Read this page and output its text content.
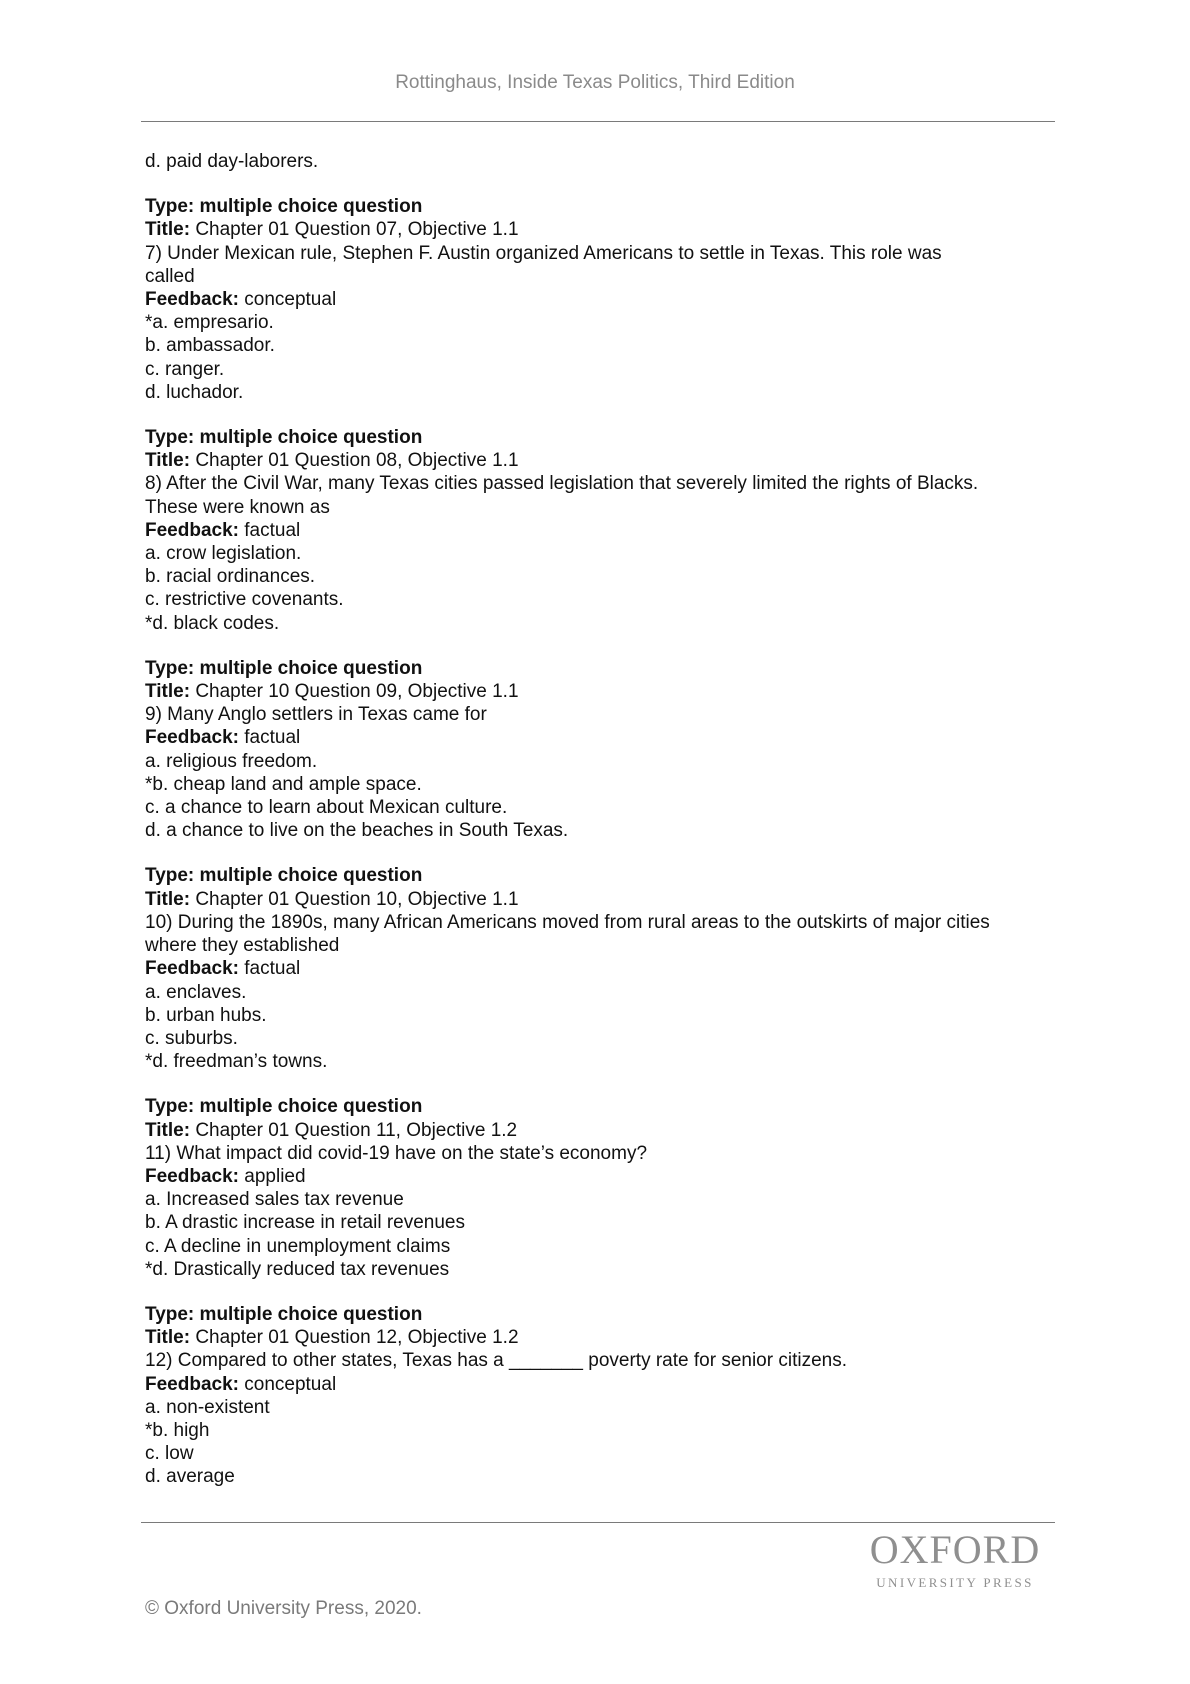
Rottinghaus, Inside Texas Politics, Third Edition
d. paid day-laborers.
Type: multiple choice question
Title: Chapter 01 Question 07, Objective 1.1
7) Under Mexican rule, Stephen F. Austin organized Americans to settle in Texas. This role was
called
Feedback: conceptual
*a. empresario.
b. ambassador.
c. ranger.
d. luchador.
Type: multiple choice question
Title: Chapter 01 Question 08, Objective 1.1
8) After the Civil War, many Texas cities passed legislation that severely limited the rights of Blacks.
These were known as
Feedback: factual
a. crow legislation.
b. racial ordinances.
c. restrictive covenants.
*d. black codes.
Type: multiple choice question
Title: Chapter 10 Question 09, Objective 1.1
9) Many Anglo settlers in Texas came for
Feedback: factual
a. religious freedom.
*b. cheap land and ample space.
c. a chance to learn about Mexican culture.
d. a chance to live on the beaches in South Texas.
Type: multiple choice question
Title: Chapter 01 Question 10, Objective 1.1
10) During the 1890s, many African Americans moved from rural areas to the outskirts of major cities
where they established
Feedback: factual
a. enclaves.
b. urban hubs.
c. suburbs.
*d. freedman’s towns.
Type: multiple choice question
Title: Chapter 01 Question 11, Objective 1.2
11) What impact did covid-19 have on the state’s economy?
Feedback: applied
a. Increased sales tax revenue
b. A drastic increase in retail revenues
c. A decline in unemployment claims
*d. Drastically reduced tax revenues
Type: multiple choice question
Title: Chapter 01 Question 12, Objective 1.2
12) Compared to other states, Texas has a _______ poverty rate for senior citizens.
Feedback: conceptual
a. non-existent
*b. high
c. low
d. average
OXFORD
UNIVERSITY PRESS
© Oxford University Press, 2020.
